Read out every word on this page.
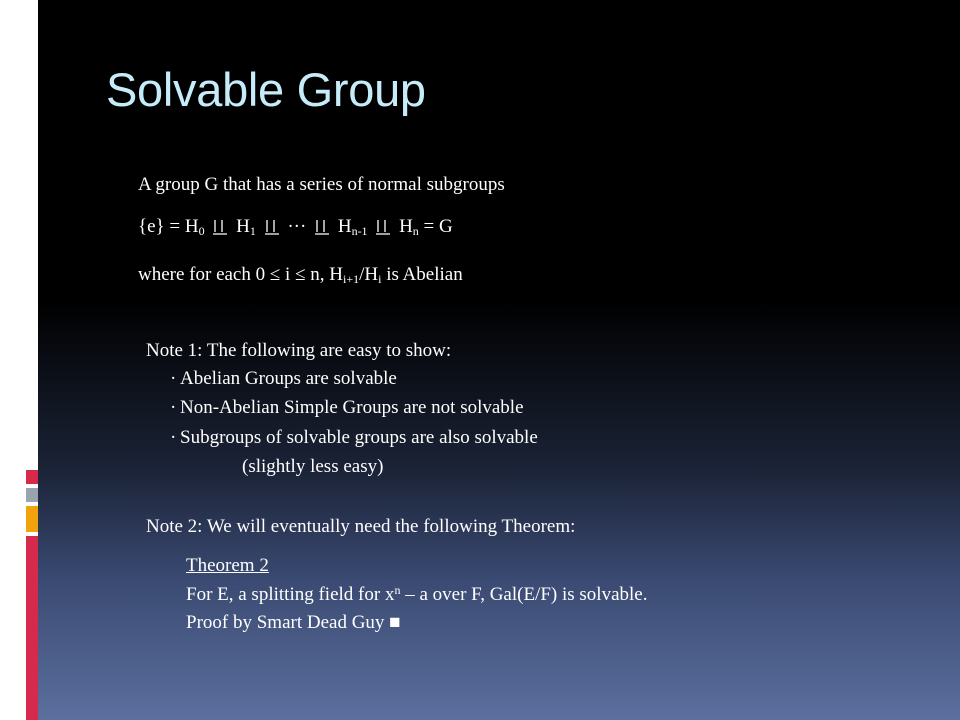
Solvable Group
A group G that has a series of normal subgroups
$\{e\} = H_0$ $H_1$ ··· $H_{n-1}$ $H_n = G$
where for each 0 ≤ i ≤ n, $H_{i+1}/H_i$ is Abelian
Note 1: The following are easy to show:
· Abelian Groups are solvable
· Non-Abelian Simple Groups are not solvable
· Subgroups of solvable groups are also solvable
(slightly less easy)
Note 2: We will eventually need the following Theorem:
Theorem 2
For E, a splitting field for $x^n$ – a over F, Gal(E/F) is solvable.
Proof by Smart Dead Guy ■
